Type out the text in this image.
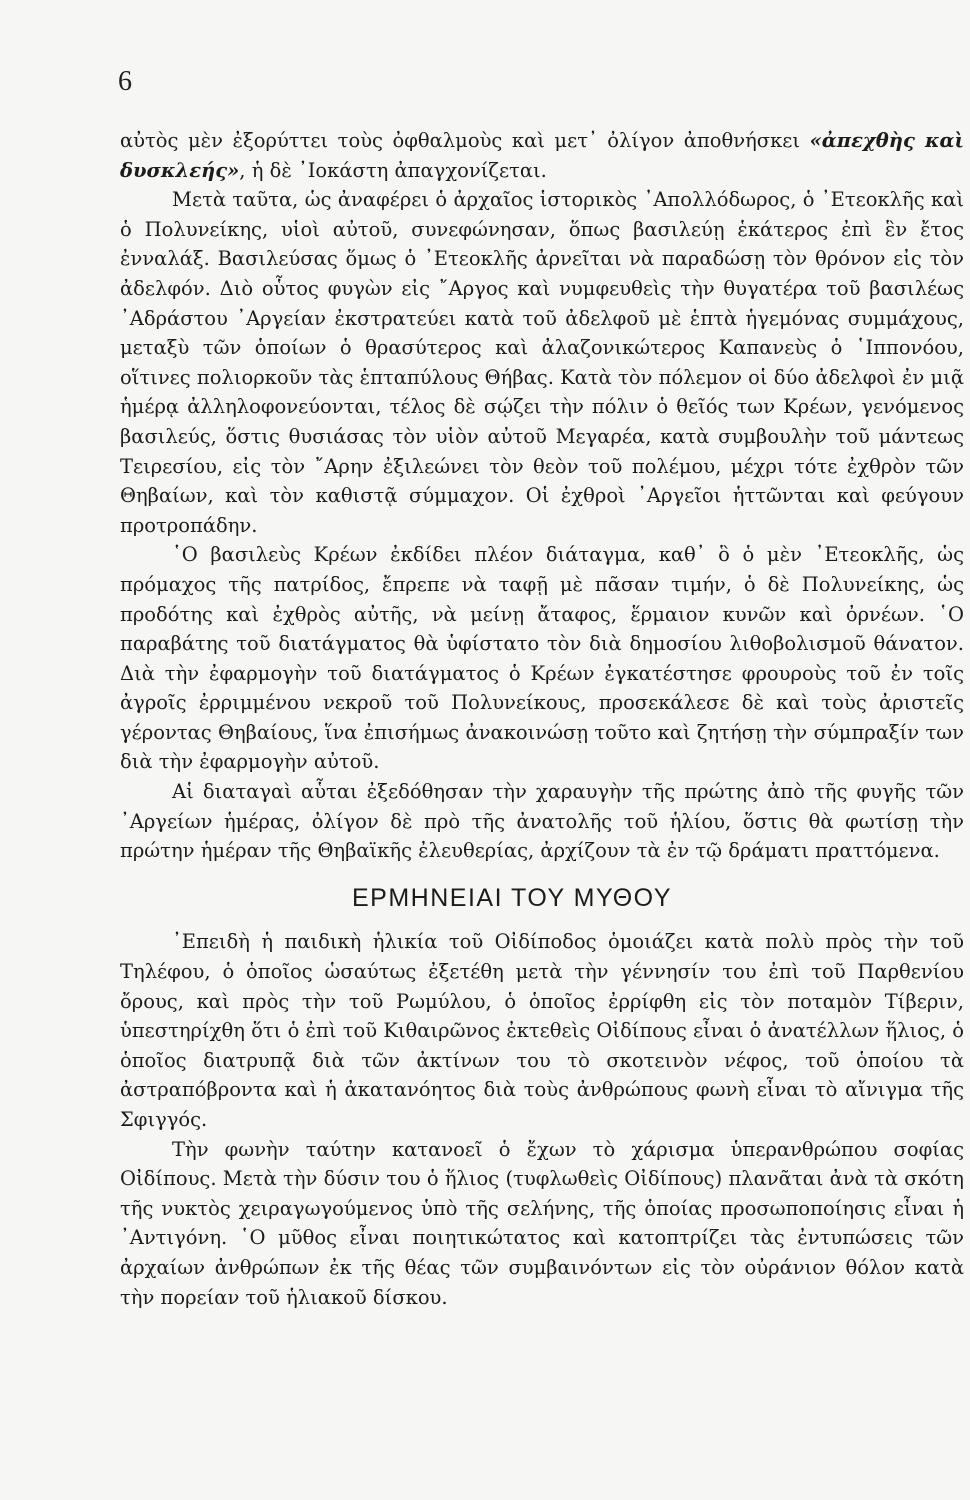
6

αὐτὸς μὲν ἐξορύττει τοὺς ὀφθαλμοὺς καὶ μετ᾽ ὀλίγον ἀποθνήσκει «ἀπεχθὴς καὶ δυσκλεής», ἡ δὲ ᾿Ιοκάστη ἀπαγχονίζεται.

Μετὰ ταῦτα, ὡς ἀναφέρει ὁ ἀρχαῖος ἱστορικὸς ᾿Απολλόδωρος, ὁ ᾿Ετεοκλῆς καὶ ὁ Πολυνείκης, υἱοὶ αὐτοῦ, συνεφώνησαν, ὅπως βασιλεύῃ ἑκάτερος ἐπὶ ἓν ἔτος ἐνναλάξ. Βασιλεύσας ὅμως ὁ ᾿Ετεοκλῆς ἀρνεῖται νὰ παραδώσῃ τὸν θρόνον εἰς τὸν ἀδελφόν. Διὸ οὗτος φυγὼν εἰς ῎Αργος καὶ νυμφευθεὶς τὴν θυγατέρα τοῦ βασιλέως ᾿Αδράστου ᾿Αργείαν ἐκστρατεύει κατὰ τοῦ ἀδελφοῦ μὲ ἑπτὰ ἡγεμόνας συμμάχους, μεταξὺ τῶν ὁποίων ὁ θρασύτερος καὶ ἀλαζονικώτερος Καπανεὺς ὁ ῾Ιππονόου, οἵτινες πολιορκοῦν τὰς ἑπταπύλους Θήβας. Κατὰ τὸν πόλεμον οἱ δύο ἀδελφοὶ ἐν μιᾷ ἡμέρᾳ ἀλληλοφονεύονται, τέλος δὲ σῴζει τὴν πόλιν ὁ θεῖός των Κρέων, γενόμενος βασιλεύς, ὅστις θυσιάσας τὸν υἱὸν αὐτοῦ Μεγαρέα, κατὰ συμβουλὴν τοῦ μάντεως Τειρεσίου, εἰς τὸν ῎Αρην ἐξιλεώνει τὸν θεὸν τοῦ πολέμου, μέχρι τότε ἐχθρὸν τῶν Θηβαίων, καὶ τὸν καθιστᾷ σύμμαχον. Οἱ ἐχθροὶ ᾿Αργεῖοι ἡττῶνται καὶ φεύγουν προτροπάδην.

῾Ο βασιλεὺς Κρέων ἐκδίδει πλέον διάταγμα, καθ᾽ ὃ ὁ μὲν ᾿Ετεοκλῆς, ὡς πρόμαχος τῆς πατρίδος, ἔπρεπε νὰ ταφῇ μὲ πᾶσαν τιμήν, ὁ δὲ Πολυνείκης, ὡς προδότης καὶ ἐχθρὸς αὐτῆς, νὰ μείνῃ ἄταφος, ἕρμαιον κυνῶν καὶ ὀρνέων. ῾Ο παραβάτης τοῦ διατάγματος θὰ ὑφίστατο τὸν διὰ δημοσίου λιθοβολισμοῦ θάνατον. Διὰ τὴν ἐφαρμογὴν τοῦ διατάγματος ὁ Κρέων ἐγκατέστησε φρουροὺς τοῦ ἐν τοῖς ἀγροῖς ἐρριμμένου νεκροῦ τοῦ Πολυνείκους, προσεκάλεσε δὲ καὶ τοὺς ἀριστεῖς γέροντας Θηβαίους, ἵνα ἐπισήμως ἀνακοινώσῃ τοῦτο καὶ ζητήσῃ τὴν σύμπραξίν των διὰ τὴν ἐφαρμογὴν αὐτοῦ.

Αἱ διαταγαὶ αὗται ἐξεδόθησαν τὴν χαραυγὴν τῆς πρώτης ἀπὸ τῆς φυγῆς τῶν ᾿Αργείων ἡμέρας, ὀλίγον δὲ πρὸ τῆς ἀνατολῆς τοῦ ἡλίου, ὅστις θὰ φωτίσῃ τὴν πρώτην ἡμέραν τῆς Θηβαϊκῆς ἐλευθερίας, ἀρχίζουν τὰ ἐν τῷ δράματι πραττόμενα.

ΕΡΜΗΝΕΙΑΙ ΤΟΥ ΜΥΘΟΥ

᾿Επειδὴ ἡ παιδικὴ ἡλικία τοῦ Οἰδίποδος ὁμοιάζει κατὰ πολὺ πρὸς τὴν τοῦ Τηλέφου, ὁ ὁποῖος ὡσαύτως ἐξετέθη μετὰ τὴν γέννησίν του ἐπὶ τοῦ Παρθενίου ὄρους, καὶ πρὸς τὴν τοῦ Ρωμύλου, ὁ ὁποῖος ἐρρίφθη εἰς τὸν ποταμὸν Τίβεριν, ὑπεστηρίχθη ὅτι ὁ ἐπὶ τοῦ Κιθαιρῶνος ἐκτεθεὶς Οἰδίπους εἶναι ὁ ἀνατέλλων ἥλιος, ὁ ὁποῖος διατρυπᾷ διὰ τῶν ἀκτίνων του τὸ σκοτεινὸν νέφος, τοῦ ὁποίου τὰ ἀστραπόβροντα καὶ ἡ ἀκατανόητος διὰ τοὺς ἀνθρώπους φωνὴ εἶναι τὸ αἴνιγμα τῆς Σφιγγός.

Τὴν φωνὴν ταύτην κατανοεῖ ὁ ἔχων τὸ χάρισμα ὑπερανθρώπου σοφίας Οἰδίπους. Μετὰ τὴν δύσιν του ὁ ἥλιος (τυφλωθεὶς Οἰδίπους) πλανᾶται ἀνὰ τὰ σκότη τῆς νυκτὸς χειραγωγούμενος ὑπὸ τῆς σελήνης, τῆς ὁποίας προσωποποίησις εἶναι ἡ ᾿Αντιγόνη. ῾Ο μῦθος εἶναι ποιητικώτατος καὶ κατοπτρίζει τὰς ἐντυπώσεις τῶν ἀρχαίων ἀνθρώπων ἐκ τῆς θέας τῶν συμβαινόντων εἰς τὸν οὐράνιον θόλον κατὰ τὴν πορείαν τοῦ ἡλιακοῦ δίσκου.
